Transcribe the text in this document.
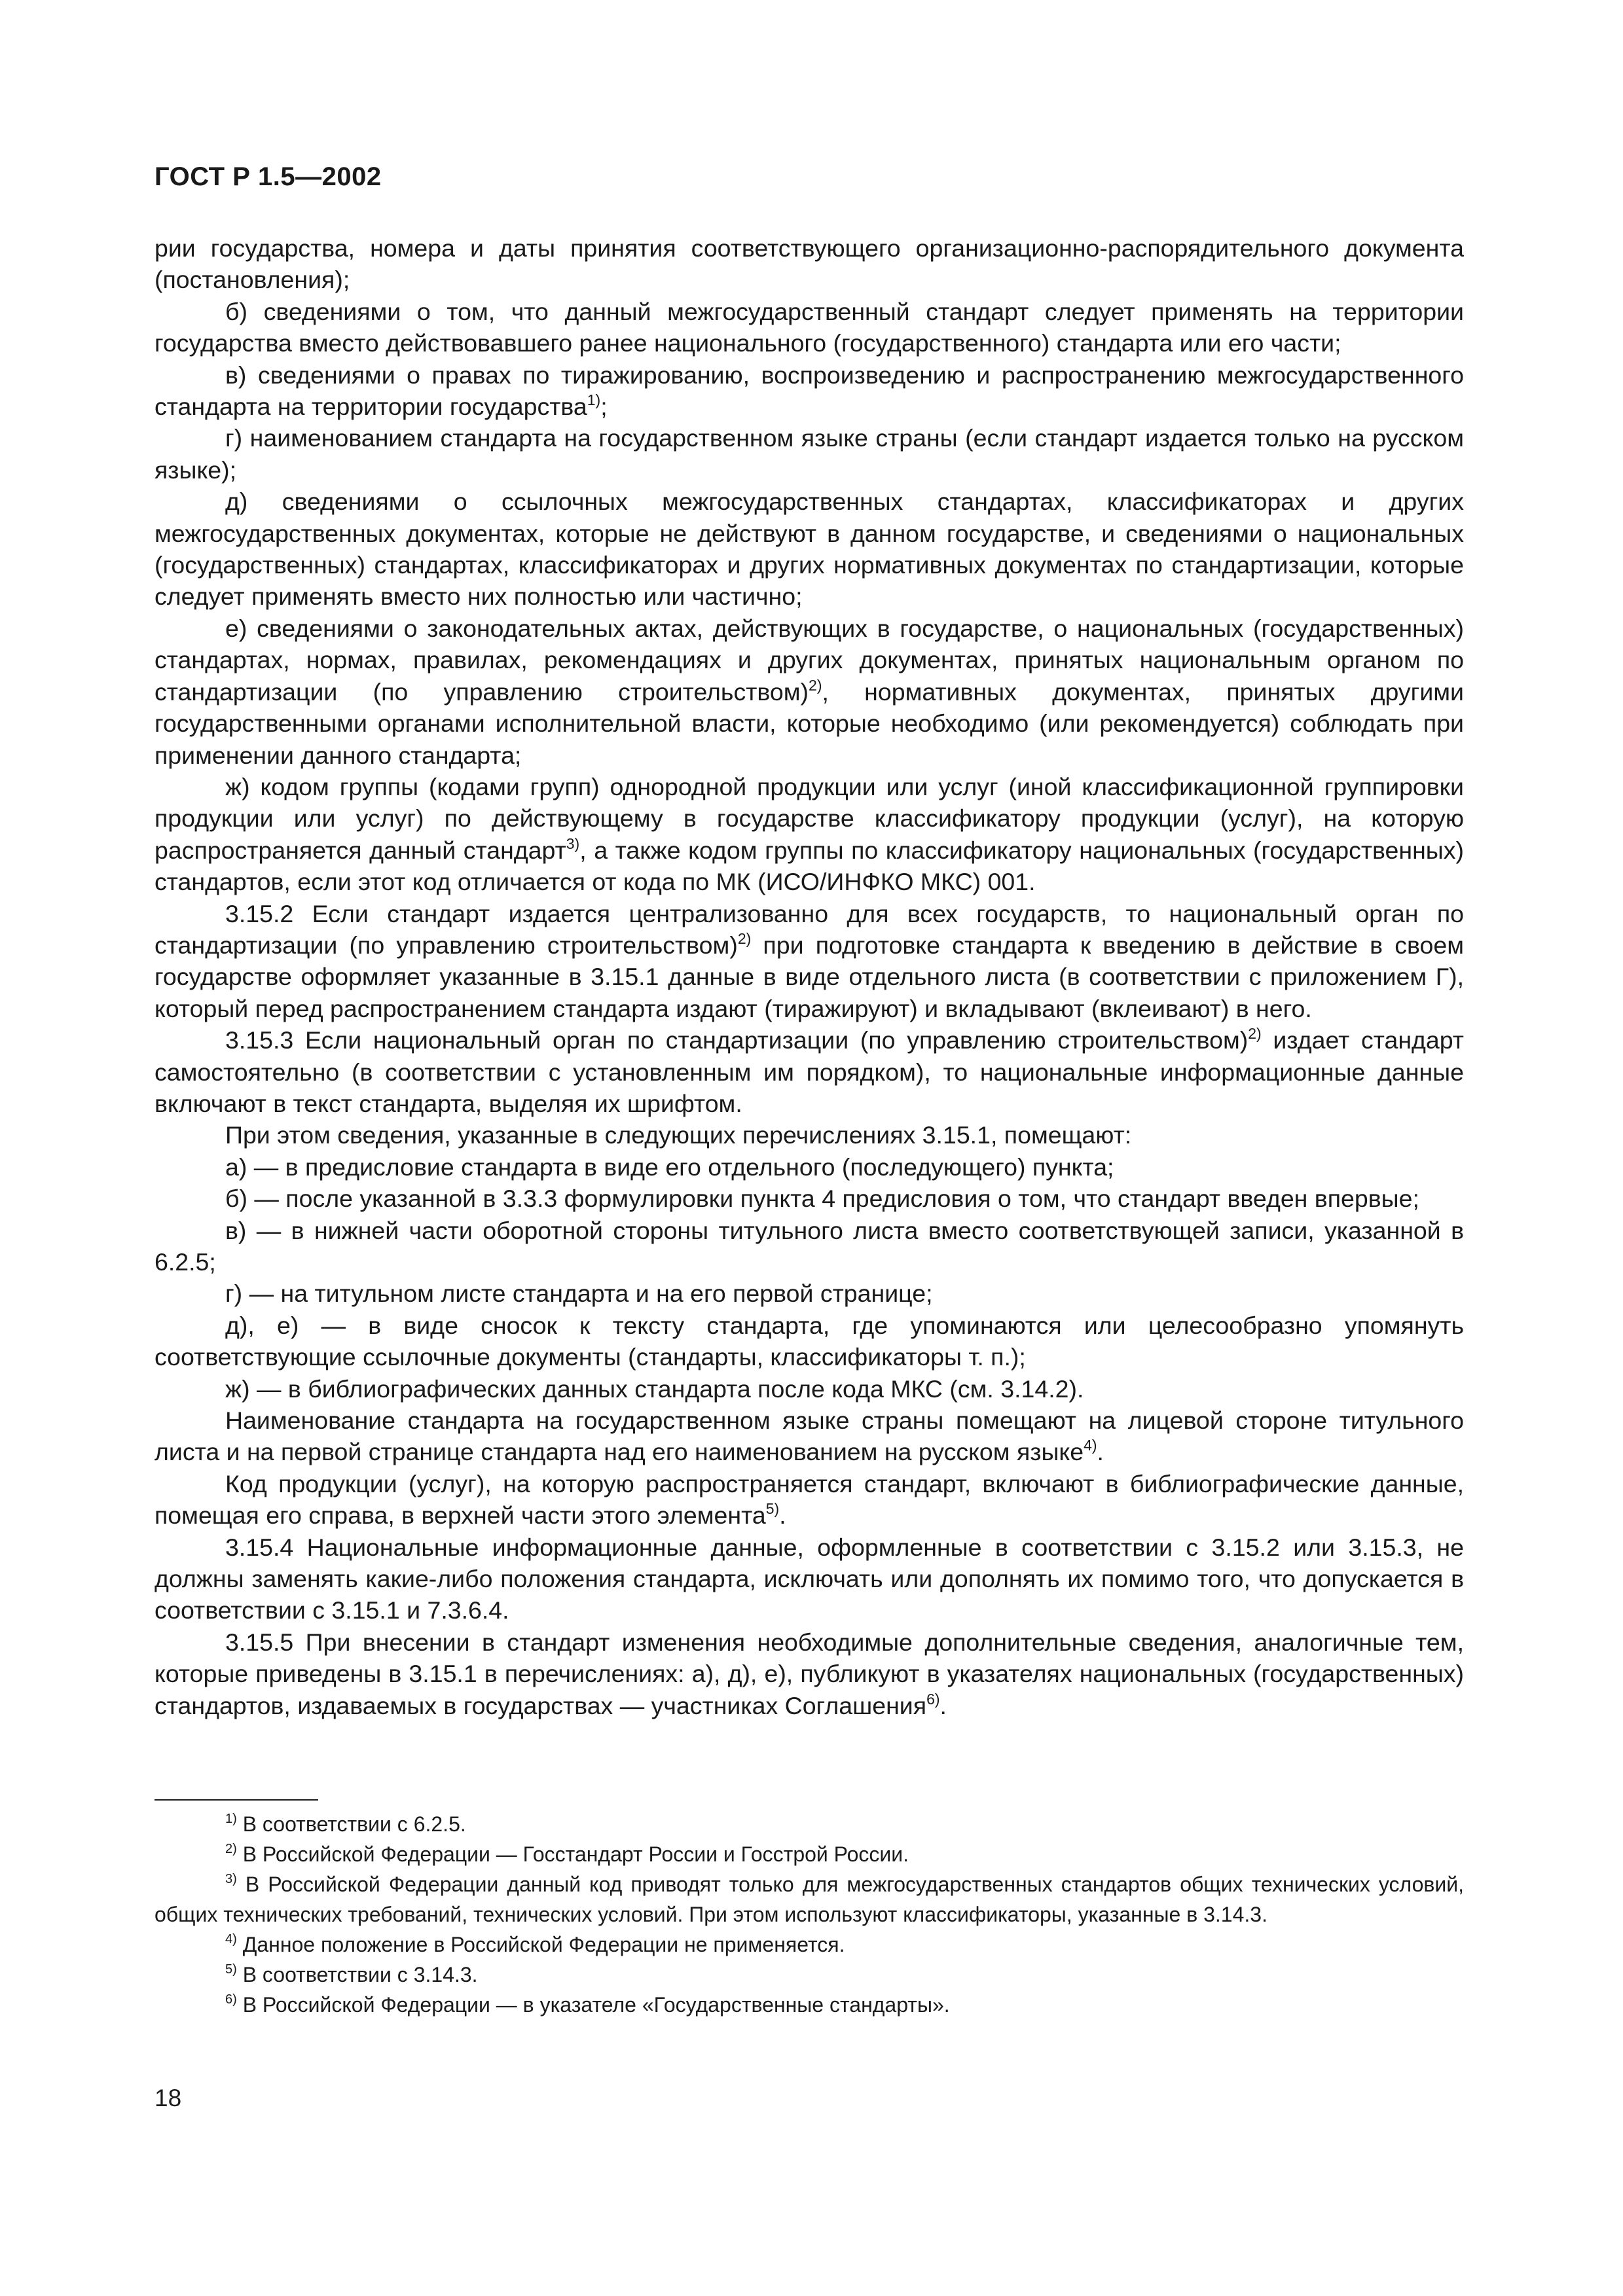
ГОСТ Р 1.5—2002

рии государства, номера и даты принятия соответствующего организационно-распорядительного документа (постановления);

б) сведениями о том, что данный межгосударственный стандарт следует применять на территории государства вместо действовавшего ранее национального (государственного) стандарта или его части;

в) сведениями о правах по тиражированию, воспроизведению и распространению межгосударственного стандарта на территории государства$^{1)}$;

г) наименованием стандарта на государственном языке страны (если стандарт издается только на русском языке);

д) сведениями о ссылочных межгосударственных стандартах, классификаторах и других межгосударственных документах, которые не действуют в данном государстве, и сведениями о национальных (государственных) стандартах, классификаторах и других нормативных документах по стандартизации, которые следует применять вместо них полностью или частично;

е) сведениями о законодательных актах, действующих в государстве, о национальных (государственных) стандартах, нормах, правилах, рекомендациях и других документах, принятых национальным органом по стандартизации (по управлению строительством)$^{2)}$, нормативных документах, принятых другими государственными органами исполнительной власти, которые необходимо (или рекомендуется) соблюдать при применении данного стандарта;

ж) кодом группы (кодами групп) однородной продукции или услуг (иной классификационной группировки продукции или услуг) по действующему в государстве классификатору продукции (услуг), на которую распространяется данный стандарт$^{3)}$, а также кодом группы по классификатору национальных (государственных) стандартов, если этот код отличается от кода по МК (ИСО/ИНФКО МКС) 001.

3.15.2 Если стандарт издается централизованно для всех государств, то национальный орган по стандартизации (по управлению строительством)$^{2)}$ при подготовке стандарта к введению в действие в своем государстве оформляет указанные в 3.15.1 данные в виде отдельного листа (в соответствии с приложением Г), который перед распространением стандарта издают (тиражируют) и вкладывают (вклеивают) в него.

3.15.3 Если национальный орган по стандартизации (по управлению строительством)$^{2)}$ издает стандарт самостоятельно (в соответствии с установленным им порядком), то национальные информационные данные включают в текст стандарта, выделяя их шрифтом.

При этом сведения, указанные в следующих перечислениях 3.15.1, помещают:

а) — в предисловие стандарта в виде его отдельного (последующего) пункта;

б) — после указанной в 3.3.3 формулировки пункта 4 предисловия о том, что стандарт введен впервые;

в) — в нижней части оборотной стороны титульного листа вместо соответствующей записи, указанной в 6.2.5;

г) — на титульном листе стандарта и на его первой странице;

д), е) — в виде сносок к тексту стандарта, где упоминаются или целесообразно упомянуть соответствующие ссылочные документы (стандарты, классификаторы т. п.);

ж) — в библиографических данных стандарта после кода МКС (см. 3.14.2).

Наименование стандарта на государственном языке страны помещают на лицевой стороне титульного листа и на первой странице стандарта над его наименованием на русском языке$^{4)}$.

Код продукции (услуг), на которую распространяется стандарт, включают в библиографические данные, помещая его справа, в верхней части этого элемента$^{5)}$.

3.15.4 Национальные информационные данные, оформленные в соответствии с 3.15.2 или 3.15.3, не должны заменять какие-либо положения стандарта, исключать или дополнять их помимо того, что допускается в соответствии с 3.15.1 и 7.3.6.4.

3.15.5 При внесении в стандарт изменения необходимые дополнительные сведения, аналогичные тем, которые приведены в 3.15.1 в перечислениях: а), д), е), публикуют в указателях национальных (государственных) стандартов, издаваемых в государствах — участниках Соглашения$^{6)}$.

$^{1)}$ В соответствии с 6.2.5.

$^{2)}$ В Российской Федерации — Госстандарт России и Госстрой России.

$^{3)}$ В Российской Федерации данный код приводят только для межгосударственных стандартов общих технических условий, общих технических требований, технических условий. При этом используют классификаторы, указанные в 3.14.3.

$^{4)}$ Данное положение в Российской Федерации не применяется.

$^{5)}$ В соответствии с 3.14.3.

$^{6)}$ В Российской Федерации — в указателе «Государственные стандарты».

18
